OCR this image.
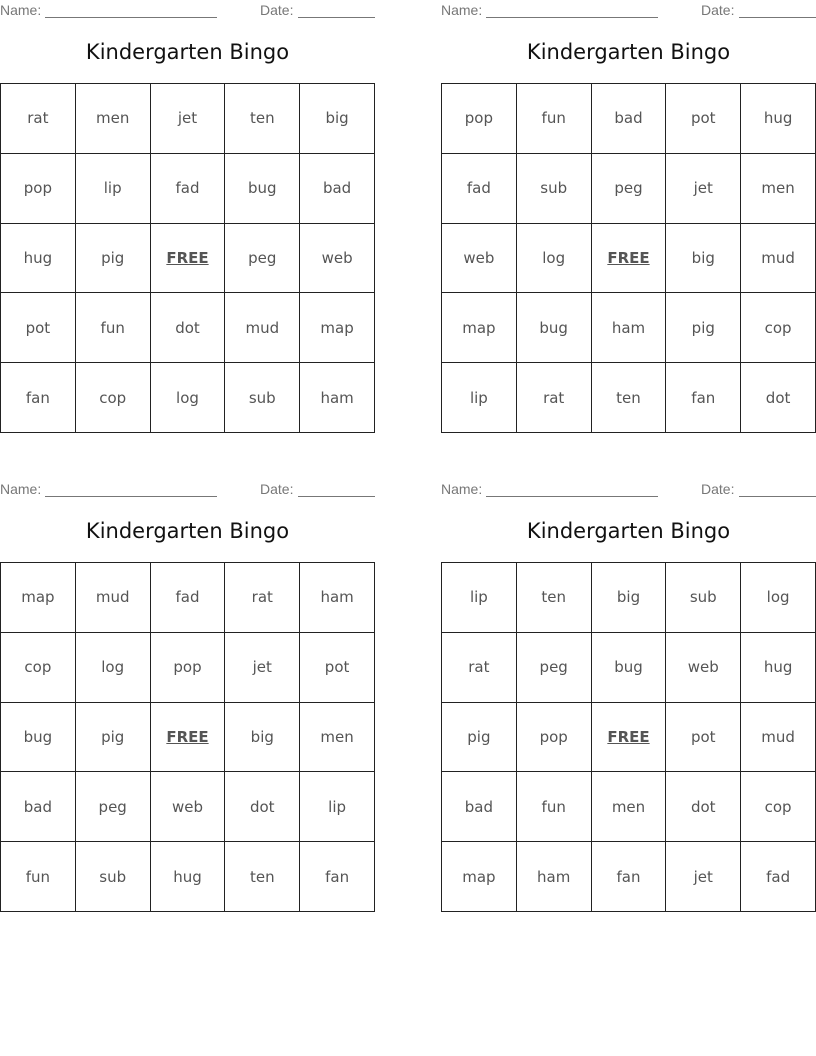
Name:	Date:
Kindergarten Bingo
rat	men	jet	ten	big
pop	lip	fad	bug	bad
hug	pig	FREE	peg	web
pot	fun	dot	mud	map
fan	cop	log	sub	ham
Name:	Date:
Kindergarten Bingo
pop	fun	bad	pot	hug
fad	sub	peg	jet	men
web	log	FREE	big	mud
map	bug	ham	pig	cop
lip	rat	ten	fan	dot
Name:	Date:
Kindergarten Bingo
map	mud	fad	rat	ham
cop	log	pop	jet	pot
bug	pig	FREE	big	men
bad	peg	web	dot	lip
fun	sub	hug	ten	fan
Name:	Date:
Kindergarten Bingo
lip	ten	big	sub	log
rat	peg	bug	web	hug
pig	pop	FREE	pot	mud
bad	fun	men	dot	cop
map	ham	fan	jet	fad
